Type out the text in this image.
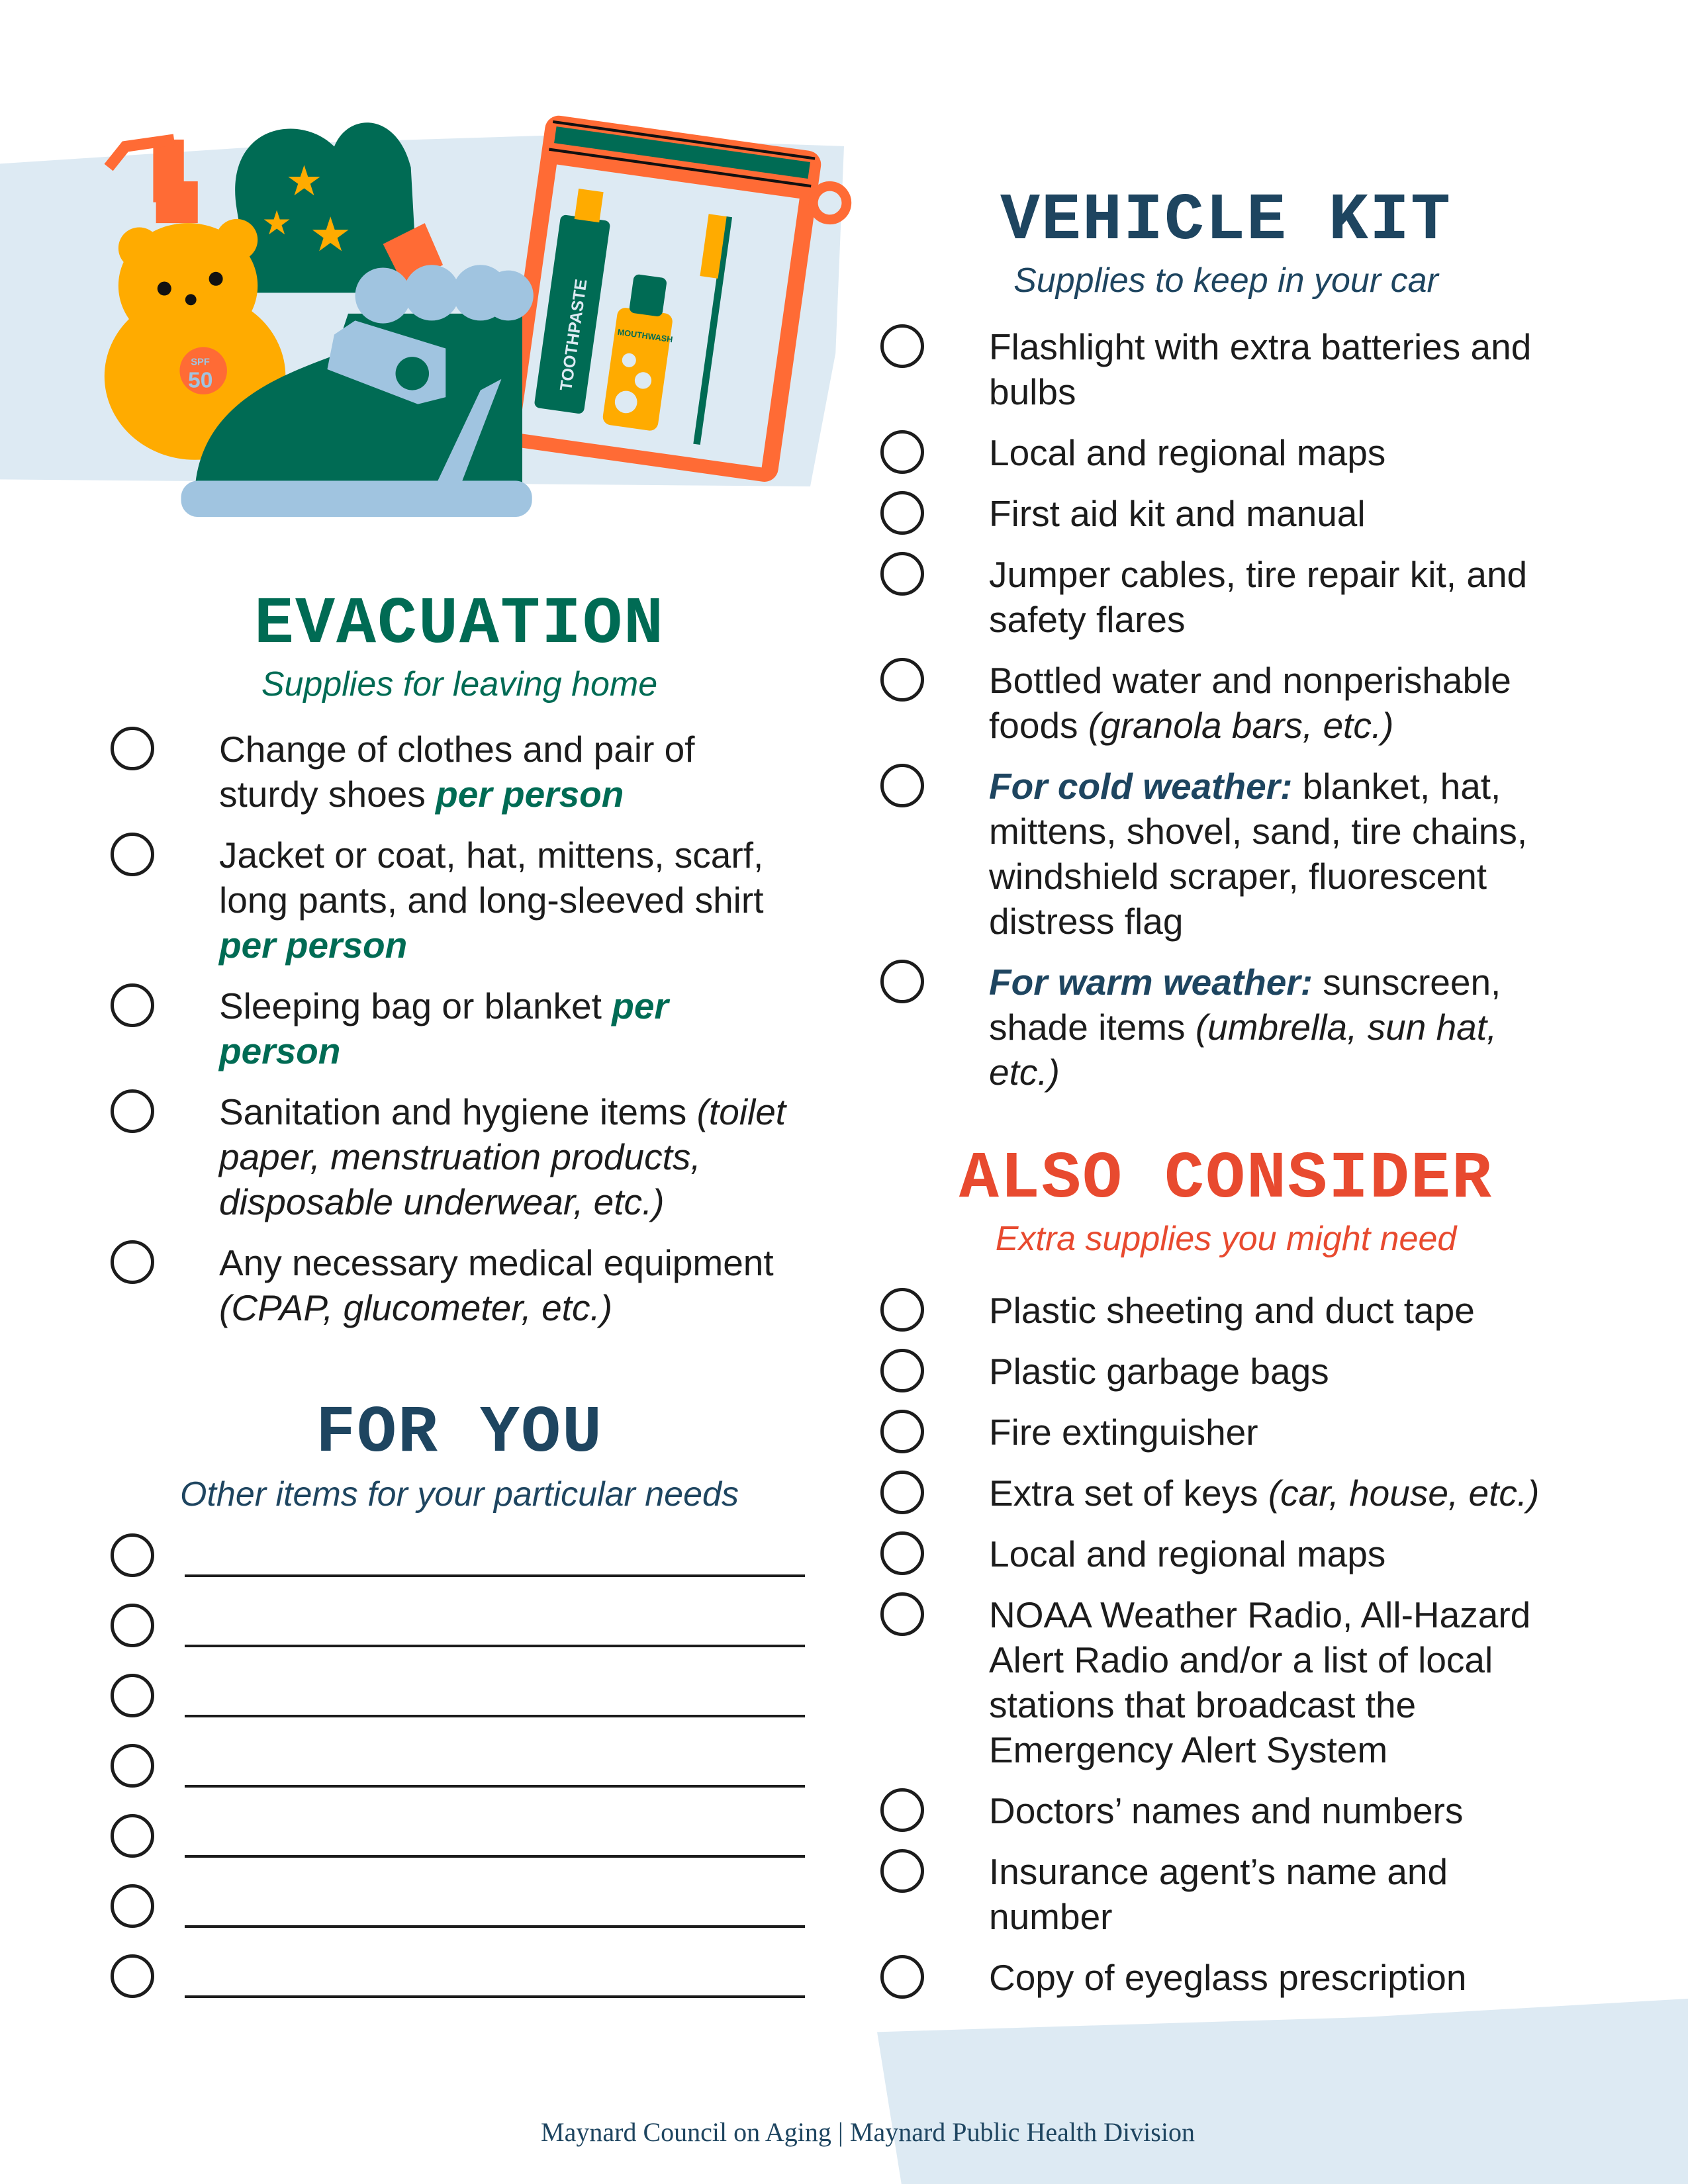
TOOTHPASTE	MOUTHWASH
★
★ ★
SPF
50
EVACUATION
Supplies for leaving home
Change of clothes and pair of
sturdy shoes per person
Jacket or coat, hat, mittens, scarf,
long pants, and long-sleeved shirt
per person
Sleeping bag or blanket per
person
Sanitation and hygiene items (toilet
paper, menstruation products,
disposable underwear, etc.)
Any necessary medical equipment
(CPAP, glucometer, etc.)
FOR YOU
Other items for your particular needs
VEHICLE KIT
Supplies to keep in your car
Flashlight with extra batteries and
bulbs
Local and regional maps
First aid kit and manual
Jumper cables, tire repair kit, and
safety flares
Bottled water and nonperishable
foods (granola bars, etc.)
For cold weather: blanket, hat,
mittens, shovel, sand, tire chains,
windshield scraper, fluorescent
distress flag
For warm weather: sunscreen,
shade items (umbrella, sun hat,
etc.)
ALSO CONSIDER
Extra supplies you might need
Plastic sheeting and duct tape
Plastic garbage bags
Fire extinguisher
Extra set of keys (car, house, etc.)
Local and regional maps
NOAA Weather Radio, All-Hazard
Alert Radio and/or a list of local
stations that broadcast the
Emergency Alert System
Doctors’ names and numbers
Insurance agent’s name and
number
Copy of eyeglass prescription
Maynard Council on Aging | Maynard Public Health Division
